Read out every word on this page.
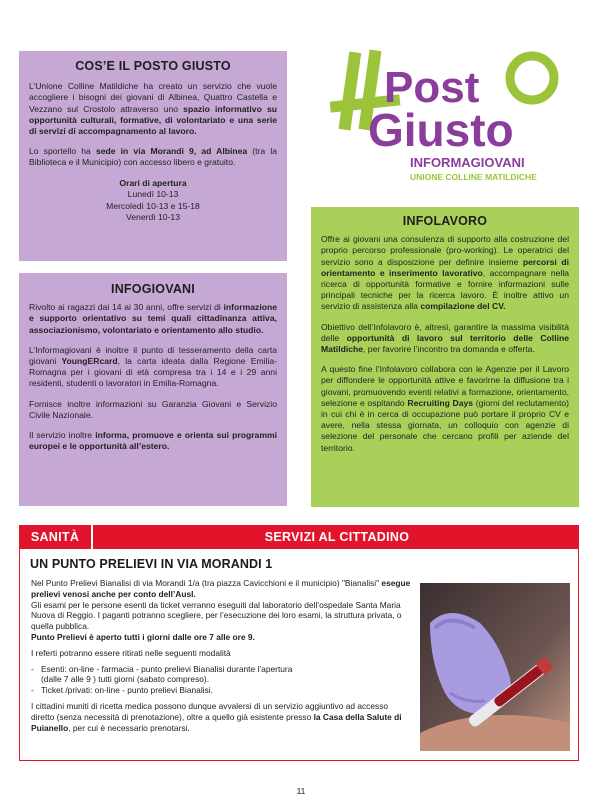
COS’E IL POSTO GIUSTO

L’Unione Colline Matildiche ha creato un servizio che vuole accogliere i bisogni dei giovani di Albinea, Quattro Castella e Vezzano sul Crostolo attraverso uno spazio informativo su opportunità culturali, formative, di volontariato e una serie di servizi di accompagnamento al lavoro.

Lo sportello ha sede in via Morandi 9, ad Albinea (tra la Biblioteca e il Municipio) con accesso libero e gratuito.

Orari di apertura
Lunedì 10-13
Mercoledì 10-13 e 15-18
Venerdì 10-13
Post
Giusto
INFORMAGIOVANI
UNIONE COLLINE MATILDICHE
INFOGIOVANI

Rivolto ai ragazzi dai 14 ai 30 anni, offre servizi di informazione e supporto orientativo su temi quali cittadinanza attiva, associazionismo, volontariato e orientamento allo studio.

L’Informagiovani è inoltre il punto di tesseramento della carta giovani YoungERcard, la carta ideata dalla Regione Emilia-Romagna per i giovani di età compresa tra i 14 e i 29 anni residenti, studenti o lavoratori in Emilia-Romagna.

Fornisce inoltre informazioni su Garanzia Giovani e Servizio Civile Nazionale.

Il servizio inoltre informa, promuove e orienta sui programmi europei e le opportunità all’estero.

INFOLAVORO

Offre ai giovani una consulenza di supporto alla costruzione del proprio percorso professionale (pro-working). Le operatrici del servizio sono a disposizione per definire insieme percorsi di orientamento e inserimento lavorativo, accompagnare nella ricerca di opportunità formative e fornire informazioni sulle principali tecniche per la ricerca lavoro. È inoltre attivo un servizio di assistenza alla compilazione del CV.

Obiettivo dell’Infolavoro è, altresì, garantire la massima visibilità delle opportunità di lavoro sul territorio delle Colline Matildiche, per favorire l’incontro tra domanda e offerta.

A questo fine l’Infolavoro collabora con le Agenzie per il Lavoro per diffondere le opportunità attive e favorirne la diffusione tra i giovani, promuovendo eventi relativi a formazione, orientamento, selezione e ospitando Recruiting Days (giorni del reclutamento) in cui chi è in cerca di occupazione può portare il proprio CV e avere, nella stessa giornata, un colloquio con agenzie di selezione del personale che cercano profili per aziende del territorio.

SANITÀ	SERVIZI AL CITTADINO
UN PUNTO PRELIEVI IN VIA MORANDI 1

Nel Punto Prelievi Bianalisi di via Morandi 1/a (tra piazza Cavicchioni e il municipio) "Bianalisi" esegue prelievi venosi anche per conto dell’Ausl.

Gli esami per le persone esenti da ticket verranno eseguiti dal laboratorio dell’ospedale Santa Maria Nuova di Reggio. I paganti potranno scegliere, per l’esecuzione dei loro esami, la struttura privata, o quella pubblica.

Punto Prelievi è aperto tutti i giorni dalle ore 7 alle ore 9.

I referti potranno essere ritirati nelle seguenti modalità

- Esenti: on-line - farmacia - punto prelievi Bianalisi durante l’apertura
(dalle 7 alle 9 ) tutti giorni (sabato compreso).
- Ticket /privati: on-line - punto prelievi Bianalisi.

I cittadini muniti di ricetta medica possono dunque avvalersi di un servizio aggiuntivo ad accesso diretto (senza necessità di prenotazione), oltre a quello già esistente presso la Casa della Salute di Puianello, per cui è necessario prenotarsi.

11
